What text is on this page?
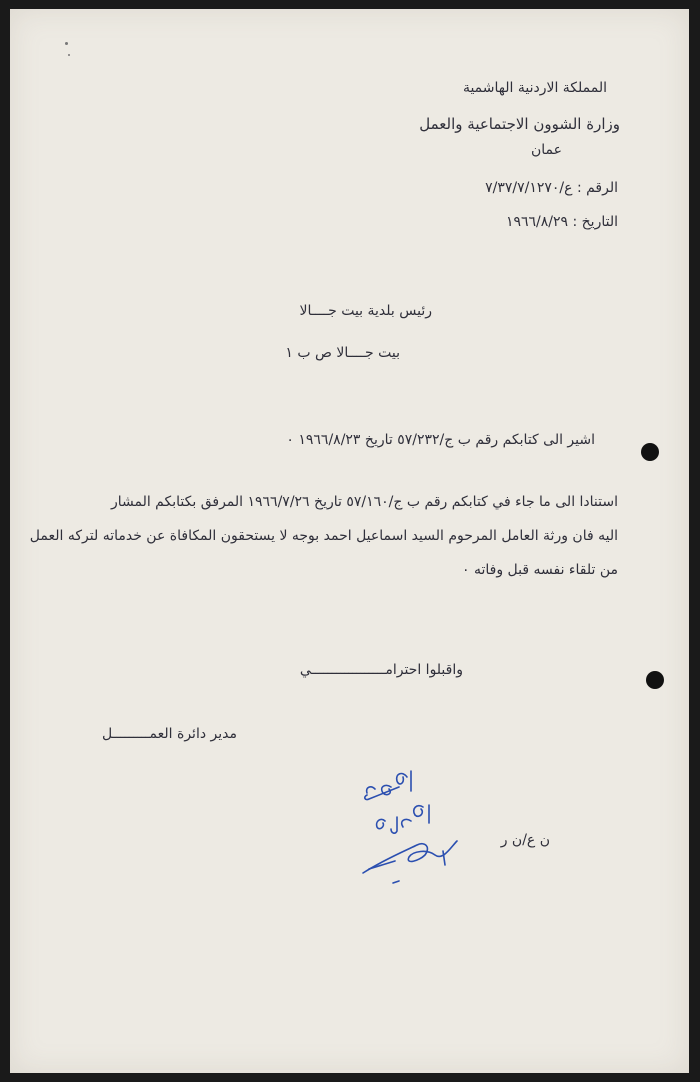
المملكة الاردنية الهاشمية
وزارة الشوون الاجتماعية والعمل
عمان
الرقم : ع/٧/٣٧/٧/١٢٧٠
التاريخ : ١٩٦٦/٨/٢٩
رئيس بلدية بيت جــــالا
بيت جــــالا ص ب ١
اشير الى كتابكم رقم ب ج/٥٧/٢٣٢ تاريخ ١٩٦٦/٨/٢٣ ٠
استنادا الى ما جاء في كتابكم رقم ب ج/٥٧/١٦٠ تاريخ ١٩٦٦/٧/٢٦ المرفق بكتابكم المشار
اليه فان ورثة العامل المرحوم السيد اسماعيل احمد بوجه لا يستحقون المكافاة عن خدماته لتركه العمل
من تلقاء نفسه قبل وفاته ٠
واقبلوا احترامــــــــــــــــــي
مدير دائرة العمـــــــــل
ن ع/ن ر
